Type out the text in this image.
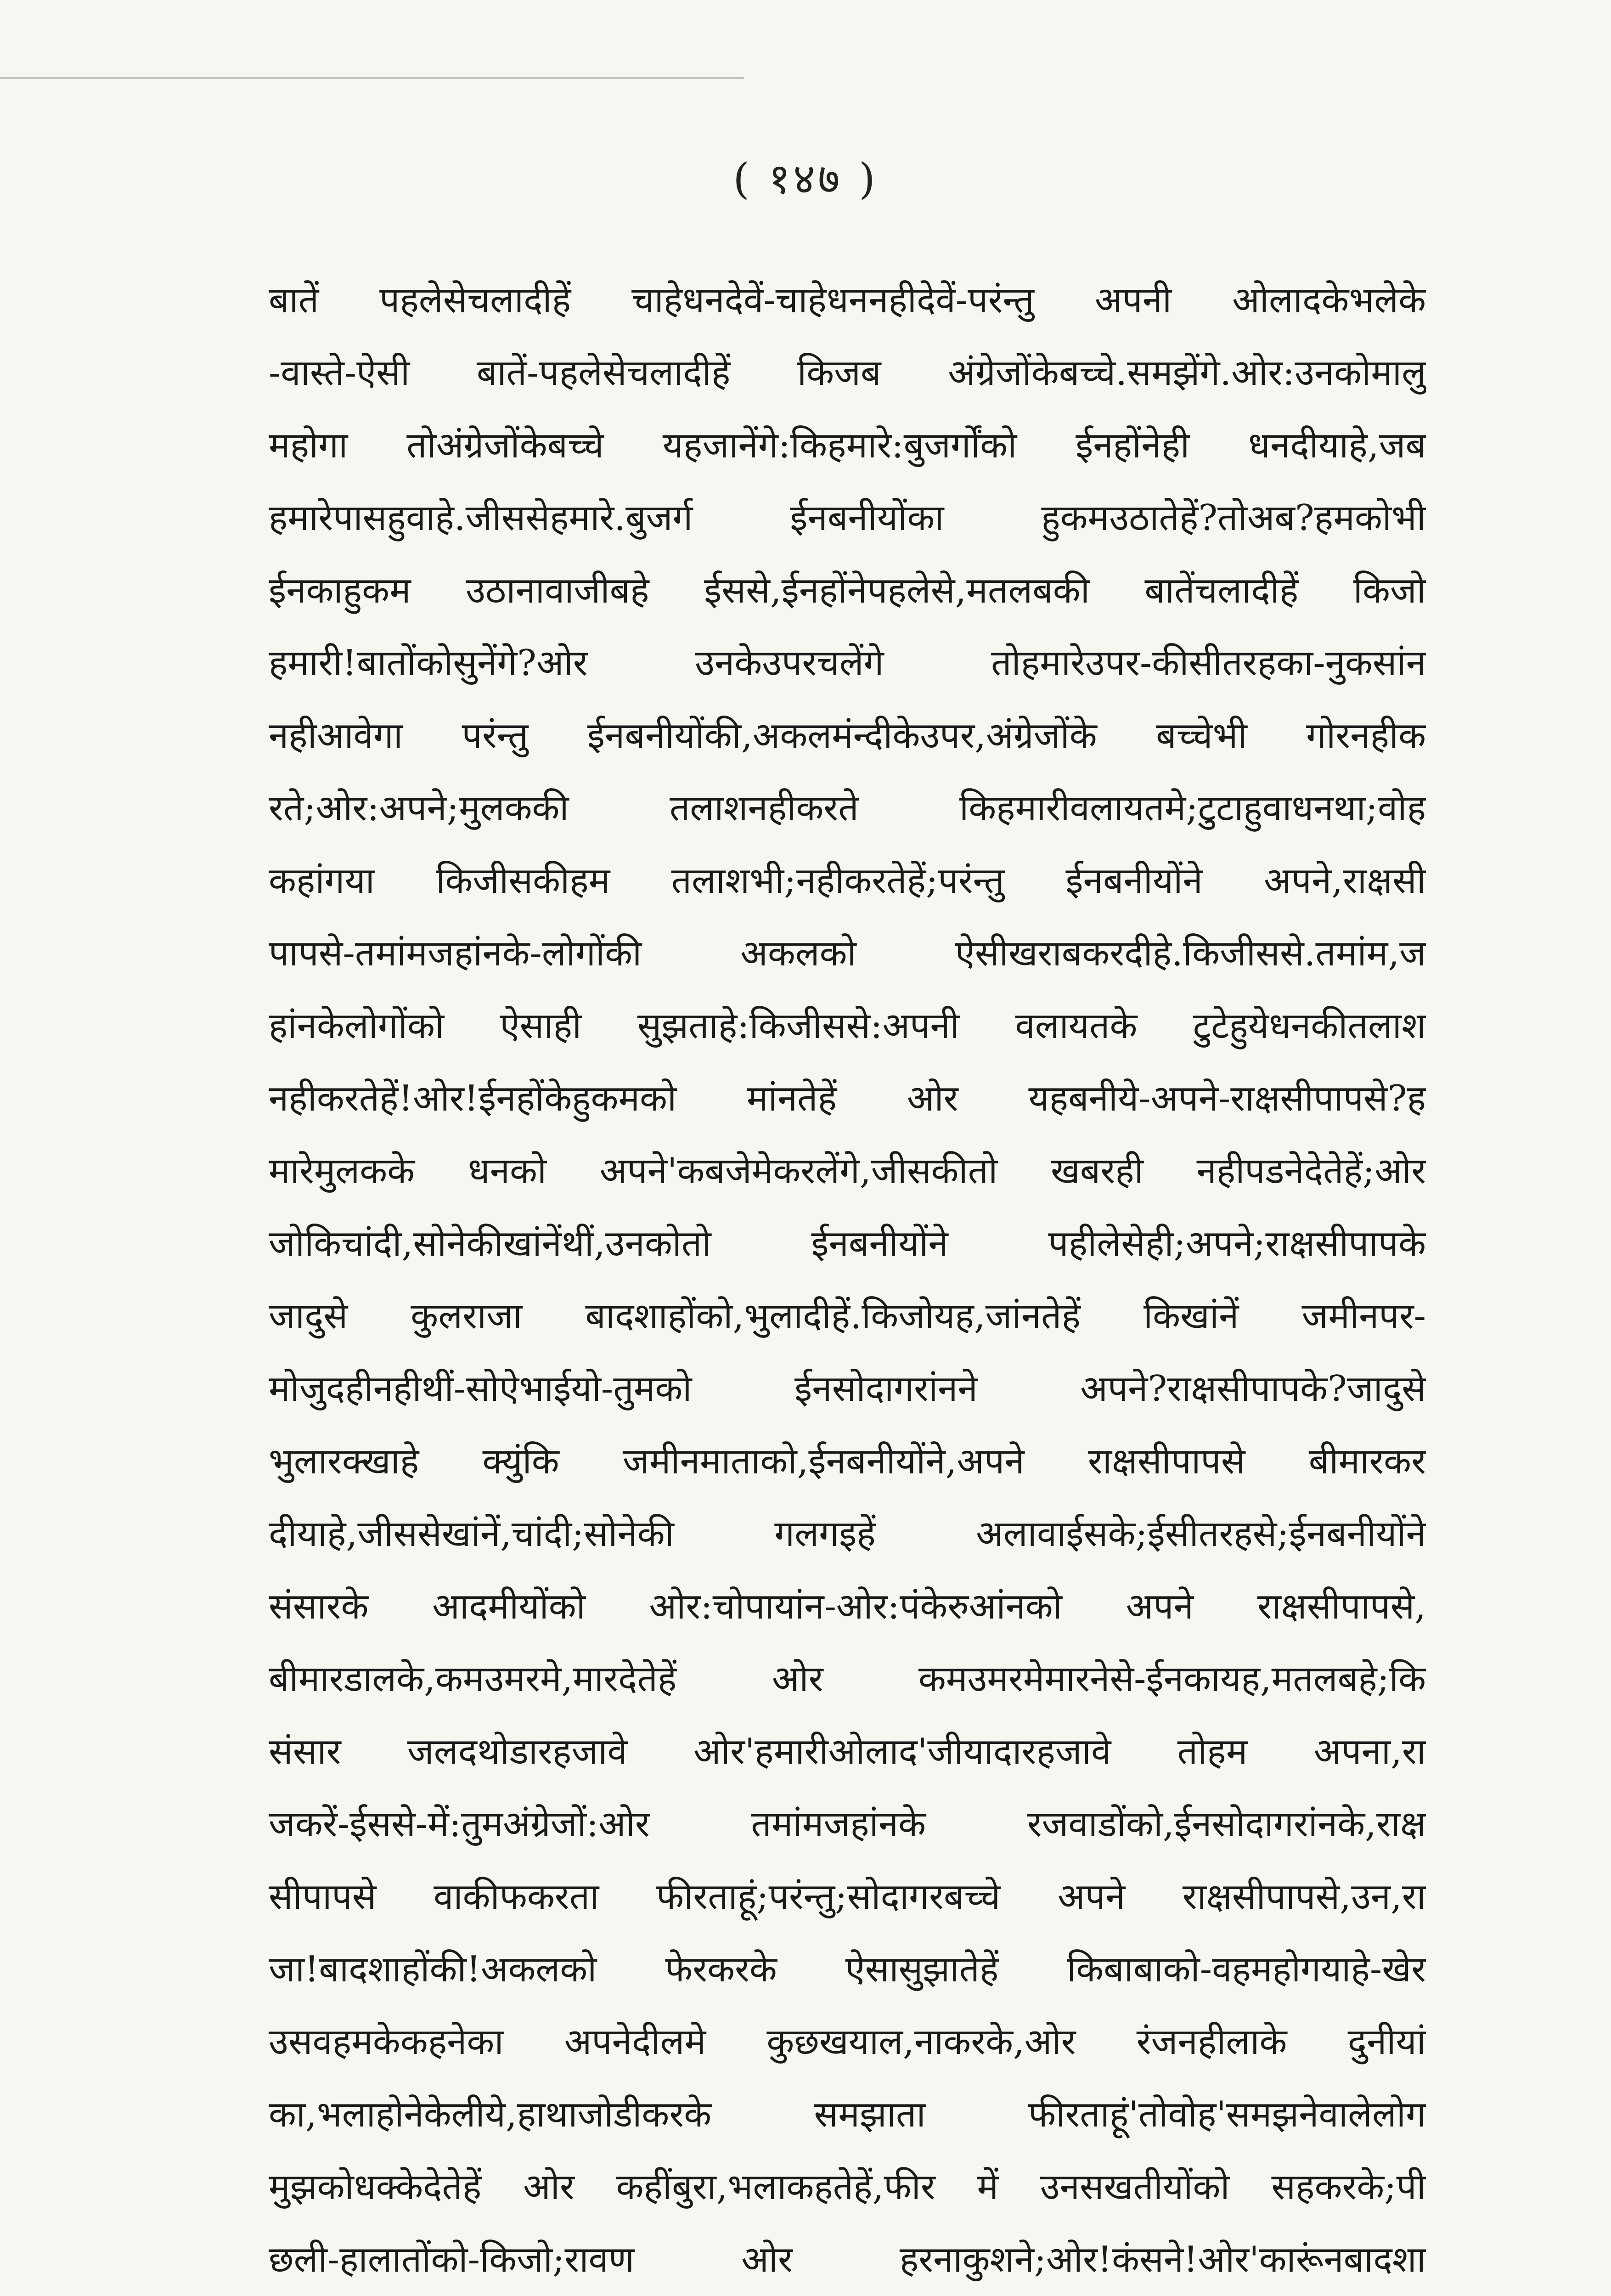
( १४७ )
बातें पहलेसेचलादीहें चाहेधनदेवें-चाहेधननहीदेवें-परंन्तु अपनी ओलादकेभलेके
-वास्ते-ऐसी बातें-पहलेसेचलादीहें किजब अंग्रेजोंकेबच्चे.समझेंगे.ओर:उनकोमालु
महोगा तोअंग्रेजोंकेबच्चे यहजानेंगे:किहमारे:बुजर्गोंको ईनहोंनेही धनदीयाहे,जब
हमारेपासहुवाहे.जीससेहमारे.बुजर्ग ईनबनीयोंका हुकमउठातेहें?तोअब?हमकोभी
ईनकाहुकम उठानावाजीबहे ईससे,ईनहोंनेपहलेसे,मतलबकी बातेंचलादीहें किजो
हमारी!बातोंकोसुनेंगे?ओर उनकेउपरचलेंगे तोहमारेउपर-कीसीतरहका-नुकसांन
नहीआवेगा परंन्तु ईनबनीयोंकी,अकलमंन्दीकेउपर,अंग्रेजोंके बच्चेभी गोरनहीक
रते;ओर:अपने;मुलककी तलाशनहीकरते किहमारीवलायतमे;टुटाहुवाधनथा;वोह
कहांगया किजीसकीहम तलाशभी;नहीकरतेहें;परंन्तु ईनबनीयोंने अपने,राक्षसी
पापसे-तमांमजहांनके-लोगोंकी अकलको ऐसीखराबकरदीहे.किजीससे.तमांम,ज
हांनकेलोगोंको ऐसाही सुझताहे:किजीससे:अपनी वलायतके टुटेहुयेधनकीतलाश
नहीकरतेहें!ओर!ईनहोंकेहुकमको मांनतेहें ओर यहबनीये-अपने-राक्षसीपापसे?ह
मारेमुलकके धनको अपने'कबजेमेकरलेंगे,जीसकीतो खबरही नहीपडनेदेतेहें;ओर
जोकिचांदी,सोनेकीखांनेंथीं,उनकोतो ईनबनीयोंने पहीलेसेही;अपने;राक्षसीपापके
जादुसे कुलराजा बादशाहोंको,भुलादीहें.किजोयह,जांनतेहें किखांनें जमीनपर-
मोजुदहीनहीथीं-सोऐभाईयो-तुमको ईनसोदागरांनने अपने?राक्षसीपापके?जादुसे
भुलारक्खाहे क्युंकि जमीनमाताको,ईनबनीयोंने,अपने राक्षसीपापसे बीमारकर
दीयाहे,जीससेखांनें,चांदी;सोनेकी गलगइहें अलावाईसके;ईसीतरहसे;ईनबनीयोंने
संसारके आदमीयोंको ओर:चोपायांन-ओर:पंकेरुआंनको अपने राक्षसीपापसे,
बीमारडालके,कमउमरमे,मारदेतेहें ओर कमउमरमेमारनेसे-ईनकायह,मतलबहे;कि
संसार जलदथोडारहजावे ओर'हमारीओलाद'जीयादारहजावे तोहम अपना,रा
जकरें-ईससे-में:तुमअंग्रेजों:ओर तमांमजहांनके रजवाडोंको,ईनसोदागरांनके,राक्ष
सीपापसे वाकीफकरता फीरताहूं;परंन्तु;सोदागरबच्चे अपने राक्षसीपापसे,उन,रा
जा!बादशाहोंकी!अकलको फेरकरके ऐसासुझातेहें किबाबाको-वहमहोगयाहे-खेर
उसवहमकेकहनेका अपनेदीलमे कुछखयाल,नाकरके,ओर रंजनहीलाके दुनीयां
का,भलाहोनेकेलीये,हाथाजोडीकरके समझाता फीरताहूं'तोवोह'समझनेवालेलोग
मुझकोधक्केदेतेहें ओर कहींबुरा,भलाकहतेहें,फीर में उनसखतीयोंको सहकरके;पी
छली-हालातोंको-किजो;रावण ओर हरनाकुशने;ओर!कंसने!ओर'कारूंनबादशा
